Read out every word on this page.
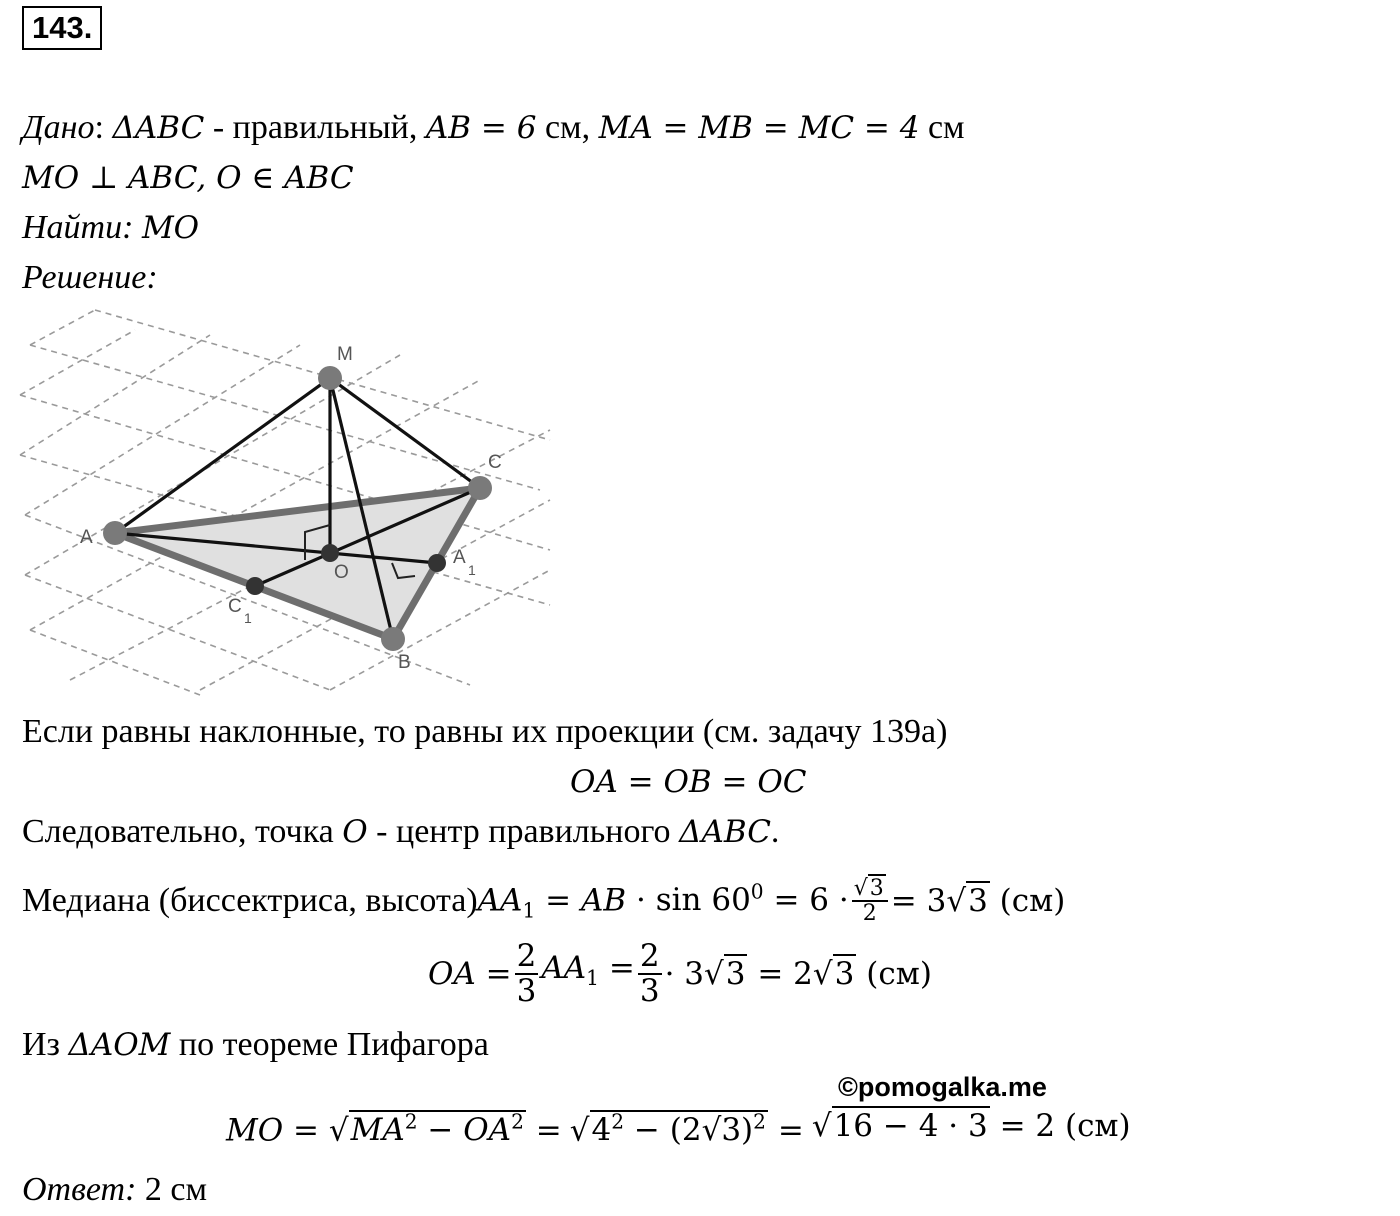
143.
Дано: ΔABC - правильный, AB = 6 см, MA = MB = MC = 4 см
MO ⊥ ABC, O ∈ ABC
Найти: MO
Решение:
M
C
A
O
A
1
C
1
B
Если равны наклонные, то равны их проекции (см. задачу 139а)
OA = OB = OC
Следовательно, точка O - центр правильного ΔABC.
Медиана (биссектриса, высота) $AA_1$ = AB · $\sin 60^0 = 6 \cdot \frac{√3}{2} = 3√3$ (см)
OA = $\frac{2}{3} AA_1 = \frac{2}{3} \cdot 3√3 = 2√3$ (см)
Из ΔAOM по теореме Пифагора
©pomogalka.me
MO = $√MA^2 - OA^2 = √4^2 - (2√3)^2 = √16 - 4 \cdot 3 = 2$ (см)
Ответ: 2 см
